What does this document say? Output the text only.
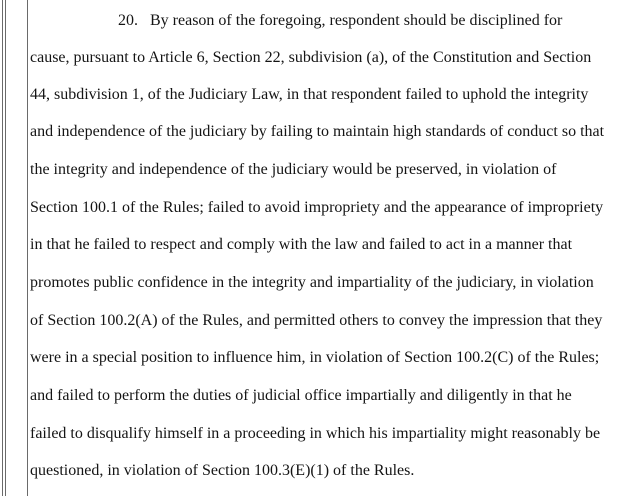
20. By reason of the foregoing, respondent should be disciplined for
cause, pursuant to Article 6, Section 22, subdivision (a), of the Constitution and Section
44, subdivision 1, of the Judiciary Law, in that respondent failed to uphold the integrity
and independence of the judiciary by failing to maintain high standards of conduct so that
the integrity and independence of the judiciary would be preserved, in violation of
Section 100.1 of the Rules; failed to avoid impropriety and the appearance of impropriety
in that he failed to respect and comply with the law and failed to act in a manner that
promotes public confidence in the integrity and impartiality of the judiciary, in violation
of Section 100.2(A) of the Rules, and permitted others to convey the impression that they
were in a special position to influence him, in violation of Section 100.2(C) of the Rules;
and failed to perform the duties of judicial office impartially and diligently in that he
failed to disqualify himself in a proceeding in which his impartiality might reasonably be
questioned, in violation of Section 100.3(E)(1) of the Rules.
